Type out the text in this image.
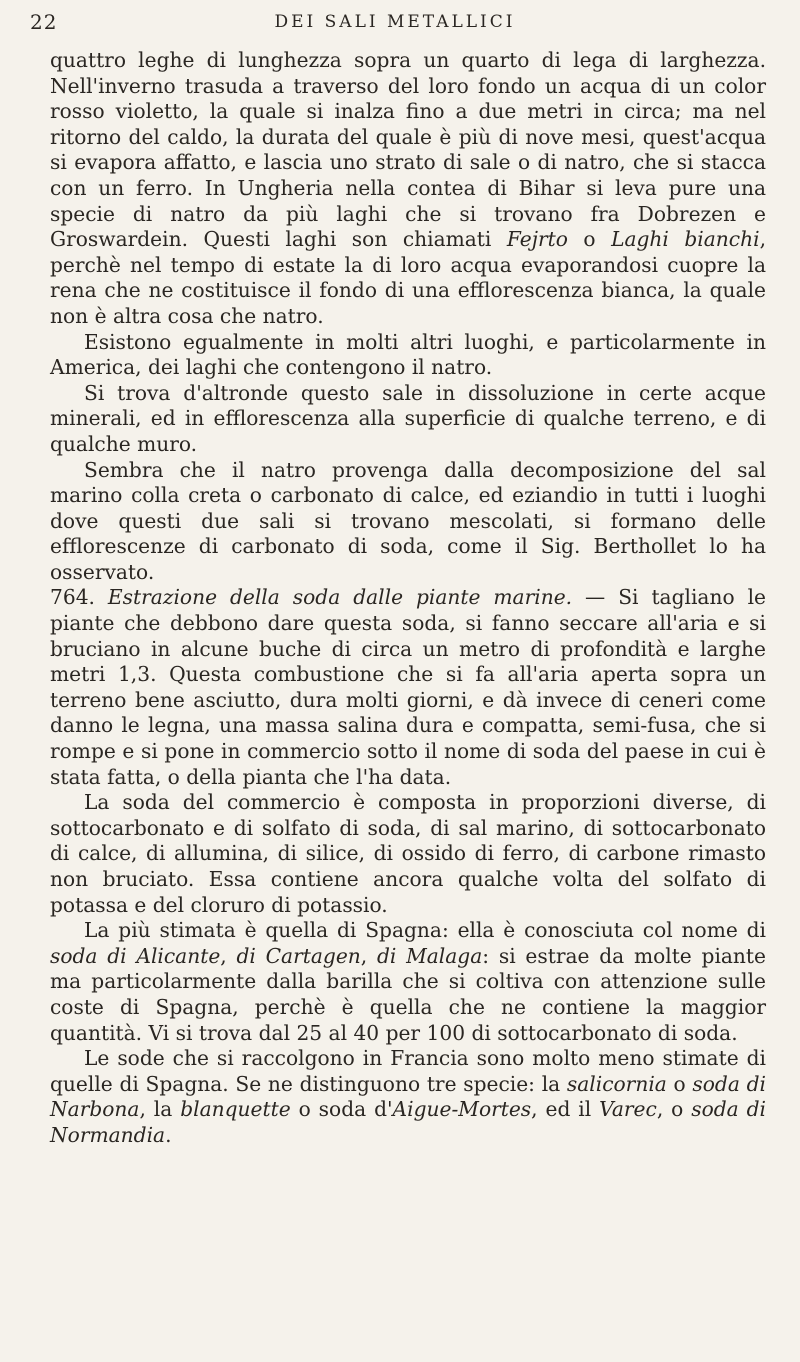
22	DEI SALI METALLICI

quattro leghe di lunghezza sopra un quarto di lega di larghezza. Nell'inverno trasuda a traverso del loro fondo un acqua di un color rosso violetto, la quale si inalza fino a due metri in circa; ma nel ritorno del caldo, la durata del quale è più di nove mesi, quest'acqua si evapora affatto, e lascia uno strato di sale o di natro, che si stacca con un ferro. In Ungheria nella contea di Bihar si leva pure una specie di natro da più laghi che si trovano fra Dobrezen e Groswardein. Questi laghi son chiamati Fejrto o Laghi bianchi, perchè nel tempo di estate la di loro acqua evaporandosi cuopre la rena che ne costituisce il fondo di una efflorescenza bianca, la quale non è altra cosa che natro.

Esistono egualmente in molti altri luoghi, e particolarmente in America, dei laghi che contengono il natro.

Si trova d'altronde questo sale in dissoluzione in certe acque minerali, ed in efflorescenza alla superficie di qualche terreno, e di qualche muro.

Sembra che il natro provenga dalla decomposizione del sal marino colla creta o carbonato di calce, ed eziandio in tutti i luoghi dove questi due sali si trovano mescolati, si formano delle efflorescenze di carbonato di soda, come il Sig. Berthollet lo ha osservato.

764. Estrazione della soda dalle piante marine. — Si tagliano le piante che debbono dare questa soda, si fanno seccare all'aria e si bruciano in alcune buche di circa un metro di profondità e larghe metri 1,3. Questa combustione che si fa all'aria aperta sopra un terreno bene asciutto, dura molti giorni, e dà invece di ceneri come danno le legna, una massa salina dura e compatta, semi-fusa, che si rompe e si pone in commercio sotto il nome di soda del paese in cui è stata fatta, o della pianta che l'ha data.

La soda del commercio è composta in proporzioni diverse, di sottocarbonato e di solfato di soda, di sal marino, di sottocarbonato di calce, di allumina, di silice, di ossido di ferro, di carbone rimasto non bruciato. Essa contiene ancora qualche volta del solfato di potassa e del cloruro di potassio.

La più stimata è quella di Spagna: ella è conosciuta col nome di soda di Alicante, di Cartagen, di Malaga: si estrae da molte piante ma particolarmente dalla barilla che si coltiva con attenzione sulle coste di Spagna, perchè è quella che ne contiene la maggior quantità. Vi si trova dal 25 al 40 per 100 di sottocarbonato di soda.

Le sode che si raccolgono in Francia sono molto meno stimate di quelle di Spagna. Se ne distinguono tre specie: la salicornia o soda di Narbona, la blanquette o soda d'Aigue-Mortes, ed il Varec, o soda di Normandia.
